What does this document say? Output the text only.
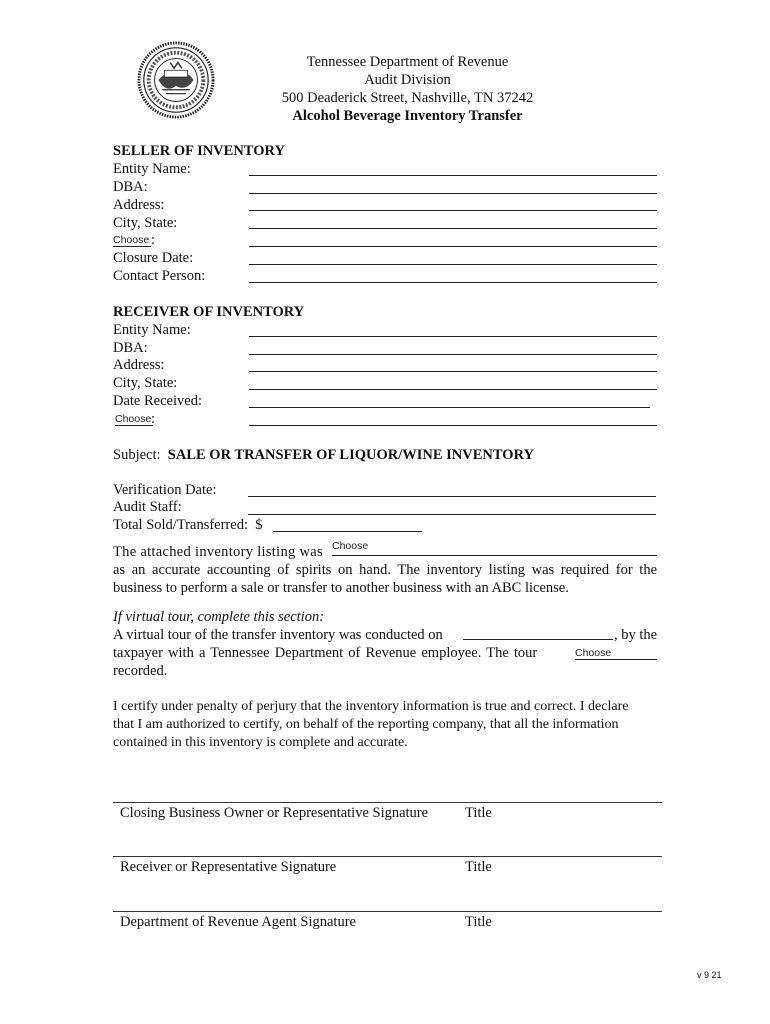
Tennessee Department of Revenue
Audit Division
500 Deaderick Street, Nashville, TN 37242
Alcohol Beverage Inventory Transfer
SELLER OF INVENTORY
Entity Name:
DBA:
Address:
City, State:
Choose :
Closure Date:
Contact Person:
RECEIVER OF INVENTORY
Entity Name:
DBA:
Address:
City, State:
Date Received:
Choose :
Subject: SALE OR TRANSFER OF LIQUOR/WINE INVENTORY
Verification Date:
Audit Staff:
Total Sold/Transferred: $
The attached inventory listing was Choose
as an accurate accounting of spirits on hand. The inventory listing was required for the
business to perform a sale or transfer to another business with an ABC license.
If virtual tour, complete this section:
A virtual tour of the transfer inventory was conducted on	, by the
taxpayer with a Tennessee Department of Revenue employee. The tour	Choose
recorded.
I certify under penalty of perjury that the inventory information is true and correct. I declare
that I am authorized to certify, on behalf of the reporting company, that all the information
contained in this inventory is complete and accurate.
Closing Business Owner or Representative Signature	Title
Receiver or Representative Signature	Title
Department of Revenue Agent Signature	Title
v 9 21
